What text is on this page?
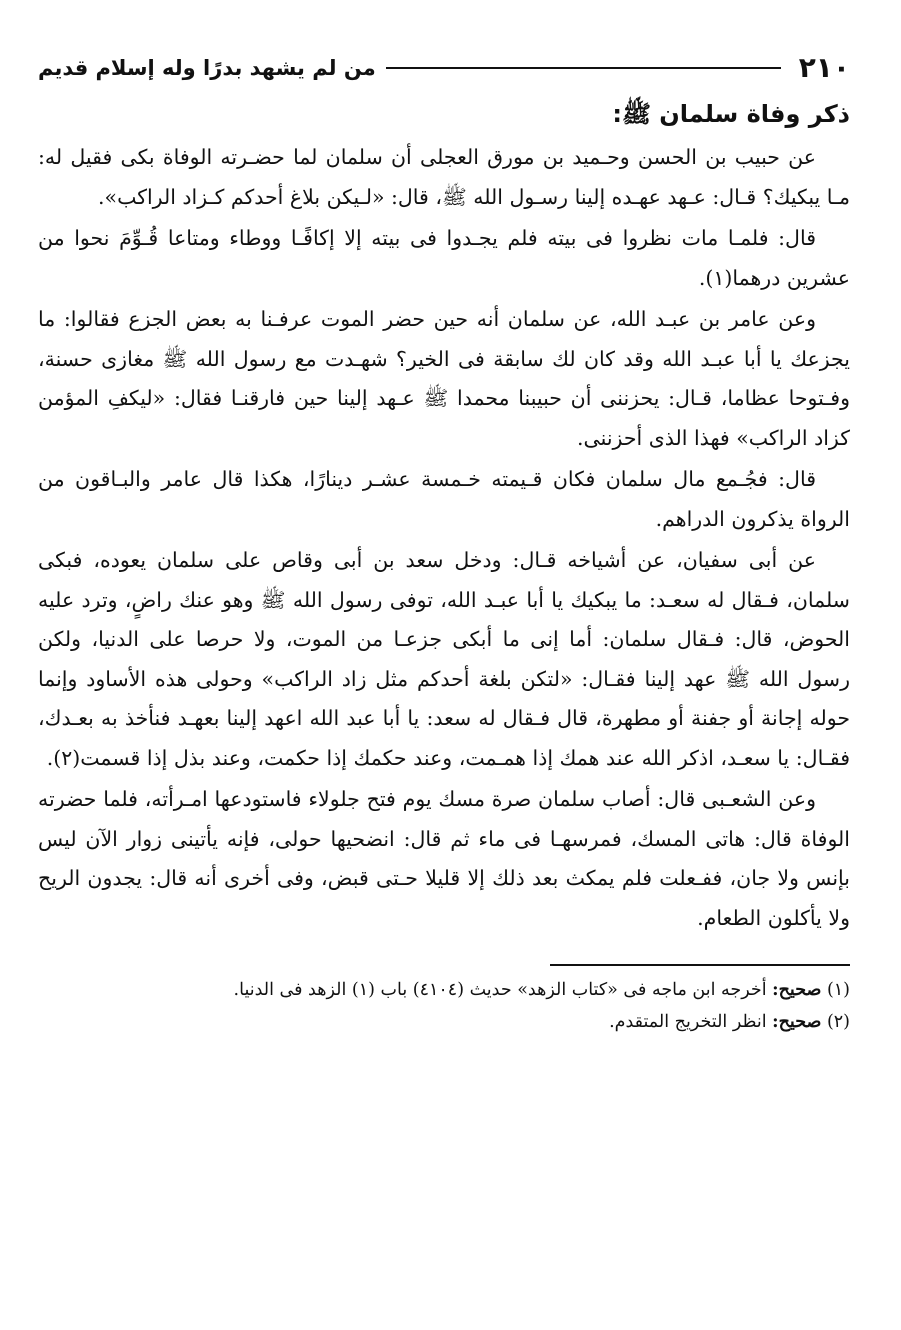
٢١٠
من لم يشهد بدرًا وله إسلام قديم
ذكر وفاة سلمان ﷺ:

عن حبيب بن الحسن وحـميد بن مورق العجلى أن سلمان لما حضـرته الوفاة بكى فقيل له: مـا يبكيك؟ قـال: عـهد عهـده إلينا رسـول الله ﷺ، قال: «لـيكن بلاغ أحدكم كـزاد الراكب».

قال: فلمـا مات نظروا فى بيته فلم يجـدوا فى بيته إلا إكافًـا ووطاء ومتاعا قُـوِّمَ نحوا من عشرين درهما(١).

وعن عامر بن عبـد الله، عن سلمان أنه حين حضر الموت عرفـنا به بعض الجزع فقالوا: ما يجزعك يا أبا عبـد الله وقد كان لك سابقة فى الخير؟ شهـدت مع رسول الله ﷺ مغازى حسنة، وفـتوحا عظاما، قـال: يحزننى أن حبيبنا محمدا ﷺ عـهد إلينا حين فارقنـا فقال: «ليكفِ المؤمن كزاد الراكب» فهذا الذى أحزننى.

قال: فجُـمع مال سلمان فكان قـيمته خـمسة عشـر دينارًا، هكذا قال عامر والبـاقون من الرواة يذكرون الدراهم.

عن أبى سفيان، عن أشياخه قـال: ودخل سعد بن أبى وقاص على سلمان يعوده، فبكى سلمان، فـقال له سعـد: ما يبكيك يا أبا عبـد الله، توفى رسول الله ﷺ وهو عنك راضٍ، وترد عليه الحوض، قال: فـقال سلمان: أما إنى ما أبكى جزعـا من الموت، ولا حرصا على الدنيا، ولكن رسول الله ﷺ عهد إلينا فقـال: «لتكن بلغة أحدكم مثل زاد الراكب» وحولى هذه الأساود وإنما حوله إجانة أو جفنة أو مطهرة، قال فـقال له سعد: يا أبا عبد الله اعهد إلينا بعهـد فنأخذ به بعـدك، فقـال: يا سعـد، اذكر الله عند همك إذا همـمت، وعند حكمك إذا حكمت، وعند بذل إذا قسمت(٢).

وعن الشعـبى قال: أصاب سلمان صرة مسك يوم فتح جلولاء فاستودعها امـرأته، فلما حضرته الوفاة قال: هاتى المسك، فمرسهـا فى ماء ثم قال: انضحيها حولى، فإنه يأتينى زوار الآن ليس بإنس ولا جان، ففـعلت فلم يمكث بعد ذلك إلا قليلا حـتى قبض، وفى أخرى أنه قال: يجدون الريح ولا يأكلون الطعام.

(١) صحيح: أخرجه ابن ماجه فى «كتاب الزهد» حديث (٤١٠٤) باب (١) الزهد فى الدنيا.

(٢) صحيح: انظر التخريج المتقدم.
